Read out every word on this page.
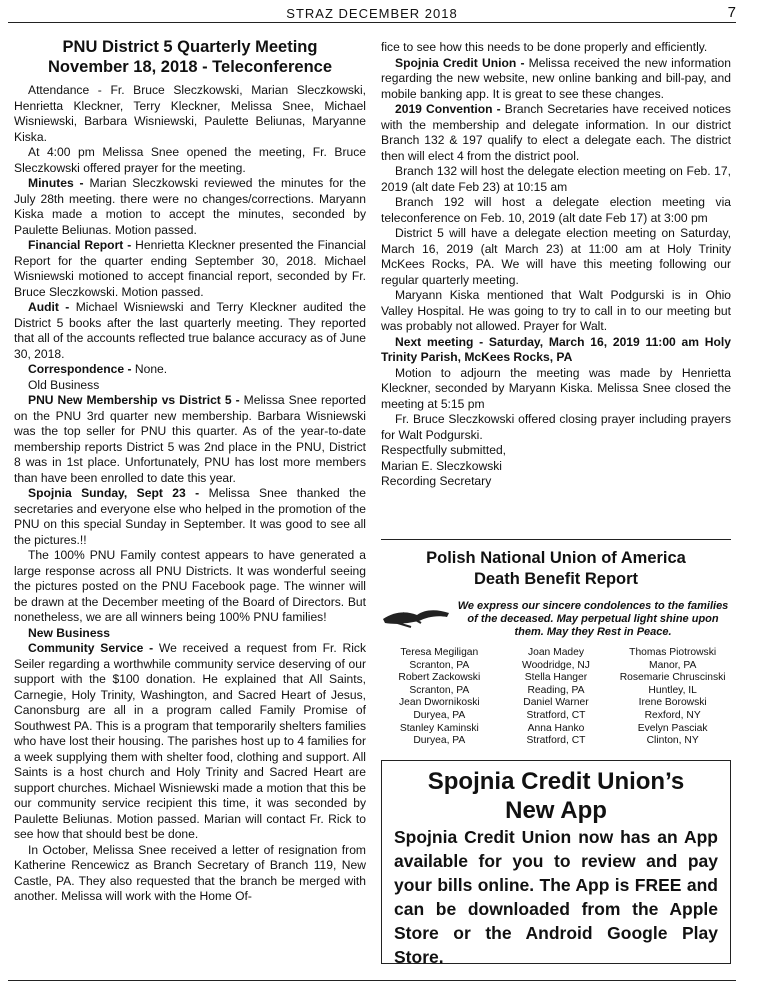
STRAZ DECEMBER 2018	7
PNU District 5 Quarterly Meeting
November 18, 2018 - Teleconference

Attendance - Fr. Bruce Sleczkowski, Marian Sleczkowski, Henrietta Kleckner, Terry Kleckner, Melissa Snee, Michael Wisniewski, Barbara Wisniewski, Paulette Beliunas, Maryanne Kiska.

At 4:00 pm Melissa Snee opened the meeting, Fr. Bruce Sleczkowski offered prayer for the meeting.

Minutes - Marian Sleczkowski reviewed the minutes for the July 28th meeting. there were no changes/corrections. Maryann Kiska made a motion to accept the minutes, seconded by Paulette Beliunas. Motion passed.

Financial Report - Henrietta Kleckner presented the Financial Report for the quarter ending September 30, 2018. Michael Wisniewski motioned to accept financial report, seconded by Fr. Bruce Sleczkowski. Motion passed.

Audit - Michael Wisniewski and Terry Kleckner audited the District 5 books after the last quarterly meeting. They reported that all of the accounts reflected true balance accuracy as of June 30, 2018.

Correspondence - None.

Old Business

PNU New Membership vs District 5 - Melissa Snee reported on the PNU 3rd quarter new membership. Barbara Wisniewski was the top seller for PNU this quarter. As of the year-to-date membership reports District 5 was 2nd place in the PNU, District 8 was in 1st place. Unfortunately, PNU has lost more members than have been enrolled to date this year.

Spojnia Sunday, Sept 23 - Melissa Snee thanked the secretaries and everyone else who helped in the promotion of the PNU on this special Sunday in September. It was good to see all the pictures.!!

The 100% PNU Family contest appears to have generated a large response across all PNU Districts. It was wonderful seeing the pictures posted on the PNU Facebook page. The winner will be drawn at the December meeting of the Board of Directors. But nonetheless, we are all winners being 100% PNU families!

New Business

Community Service - We received a request from Fr. Rick Seiler regarding a worthwhile community service deserving of our support with the $100 donation. He explained that All Saints, Carnegie, Holy Trinity, Washington, and Sacred Heart of Jesus, Canonsburg are all in a program called Family Promise of Southwest PA. This is a program that temporarily shelters families who have lost their housing. The parishes host up to 4 families for a week supplying them with shelter food, clothing and support. All Saints is a host church and Holy Trinity and Sacred Heart are support churches. Michael Wisniewski made a motion that this be our community service recipient this time, it was seconded by Paulette Beliunas. Motion passed. Marian will contact Fr. Rick to see how that should best be done.

In October, Melissa Snee received a letter of resignation from Katherine Rencewicz as Branch Secretary of Branch 119, New Castle, PA. They also requested that the branch be merged with another. Melissa will work with the Home Of-

fice to see how this needs to be done properly and efficiently.

Spojnia Credit Union - Melissa received the new information regarding the new website, new online banking and bill-pay, and mobile banking app. It is great to see these changes.

2019 Convention - Branch Secretaries have received notices with the membership and delegate information. In our district Branch 132 & 197 qualify to elect a delegate each. The district then will elect 4 from the district pool.

Branch 132 will host the delegate election meeting on Feb. 17, 2019 (alt date Feb 23) at 10:15 am

Branch 192 will host a delegate election meeting via teleconference on Feb. 10, 2019 (alt date Feb 17) at 3:00 pm

District 5 will have a delegate election meeting on Saturday, March 16, 2019 (alt March 23) at 11:00 am at Holy Trinity McKees Rocks, PA. We will have this meeting following our regular quarterly meeting.

Maryann Kiska mentioned that Walt Podgurski is in Ohio Valley Hospital. He was going to try to call in to our meeting but was probably not allowed. Prayer for Walt.

Next meeting - Saturday, March 16, 2019 11:00 am Holy Trinity Parish, McKees Rocks, PA

Motion to adjourn the meeting was made by Henrietta Kleckner, seconded by Maryann Kiska. Melissa Snee closed the meeting at 5:15 pm

Fr. Bruce Sleczkowski offered closing prayer including prayers for Walt Podgurski.

Respectfully submitted,

Marian E. Sleczkowski

Recording Secretary

Polish National Union of America
Death Benefit Report
We express our sincere condolences to the families of the deceased. May perpetual light shine upon them. May they Rest in Peace.
Teresa Megiligan	Joan Madey	Thomas Piotrowski
Scranton, PA	Woodridge, NJ	Manor, PA
Robert Zackowski	Stella Hanger	Rosemarie Chruscinski
Scranton, PA	Reading, PA	Huntley, IL
Jean Dwornikoski	Daniel Warner	Irene Borowski
Duryea, PA	Stratford, CT	Rexford, NY
Stanley Kaminski	Anna Hanko	Evelyn Pasciak
Duryea, PA	Stratford, CT	Clinton, NY
Spojnia Credit Union’s
New App
Spojnia Credit Union now has an App available for you to review and pay your bills online. The App is FREE and can be downloaded from the Apple Store or the Android Google Play Store.
